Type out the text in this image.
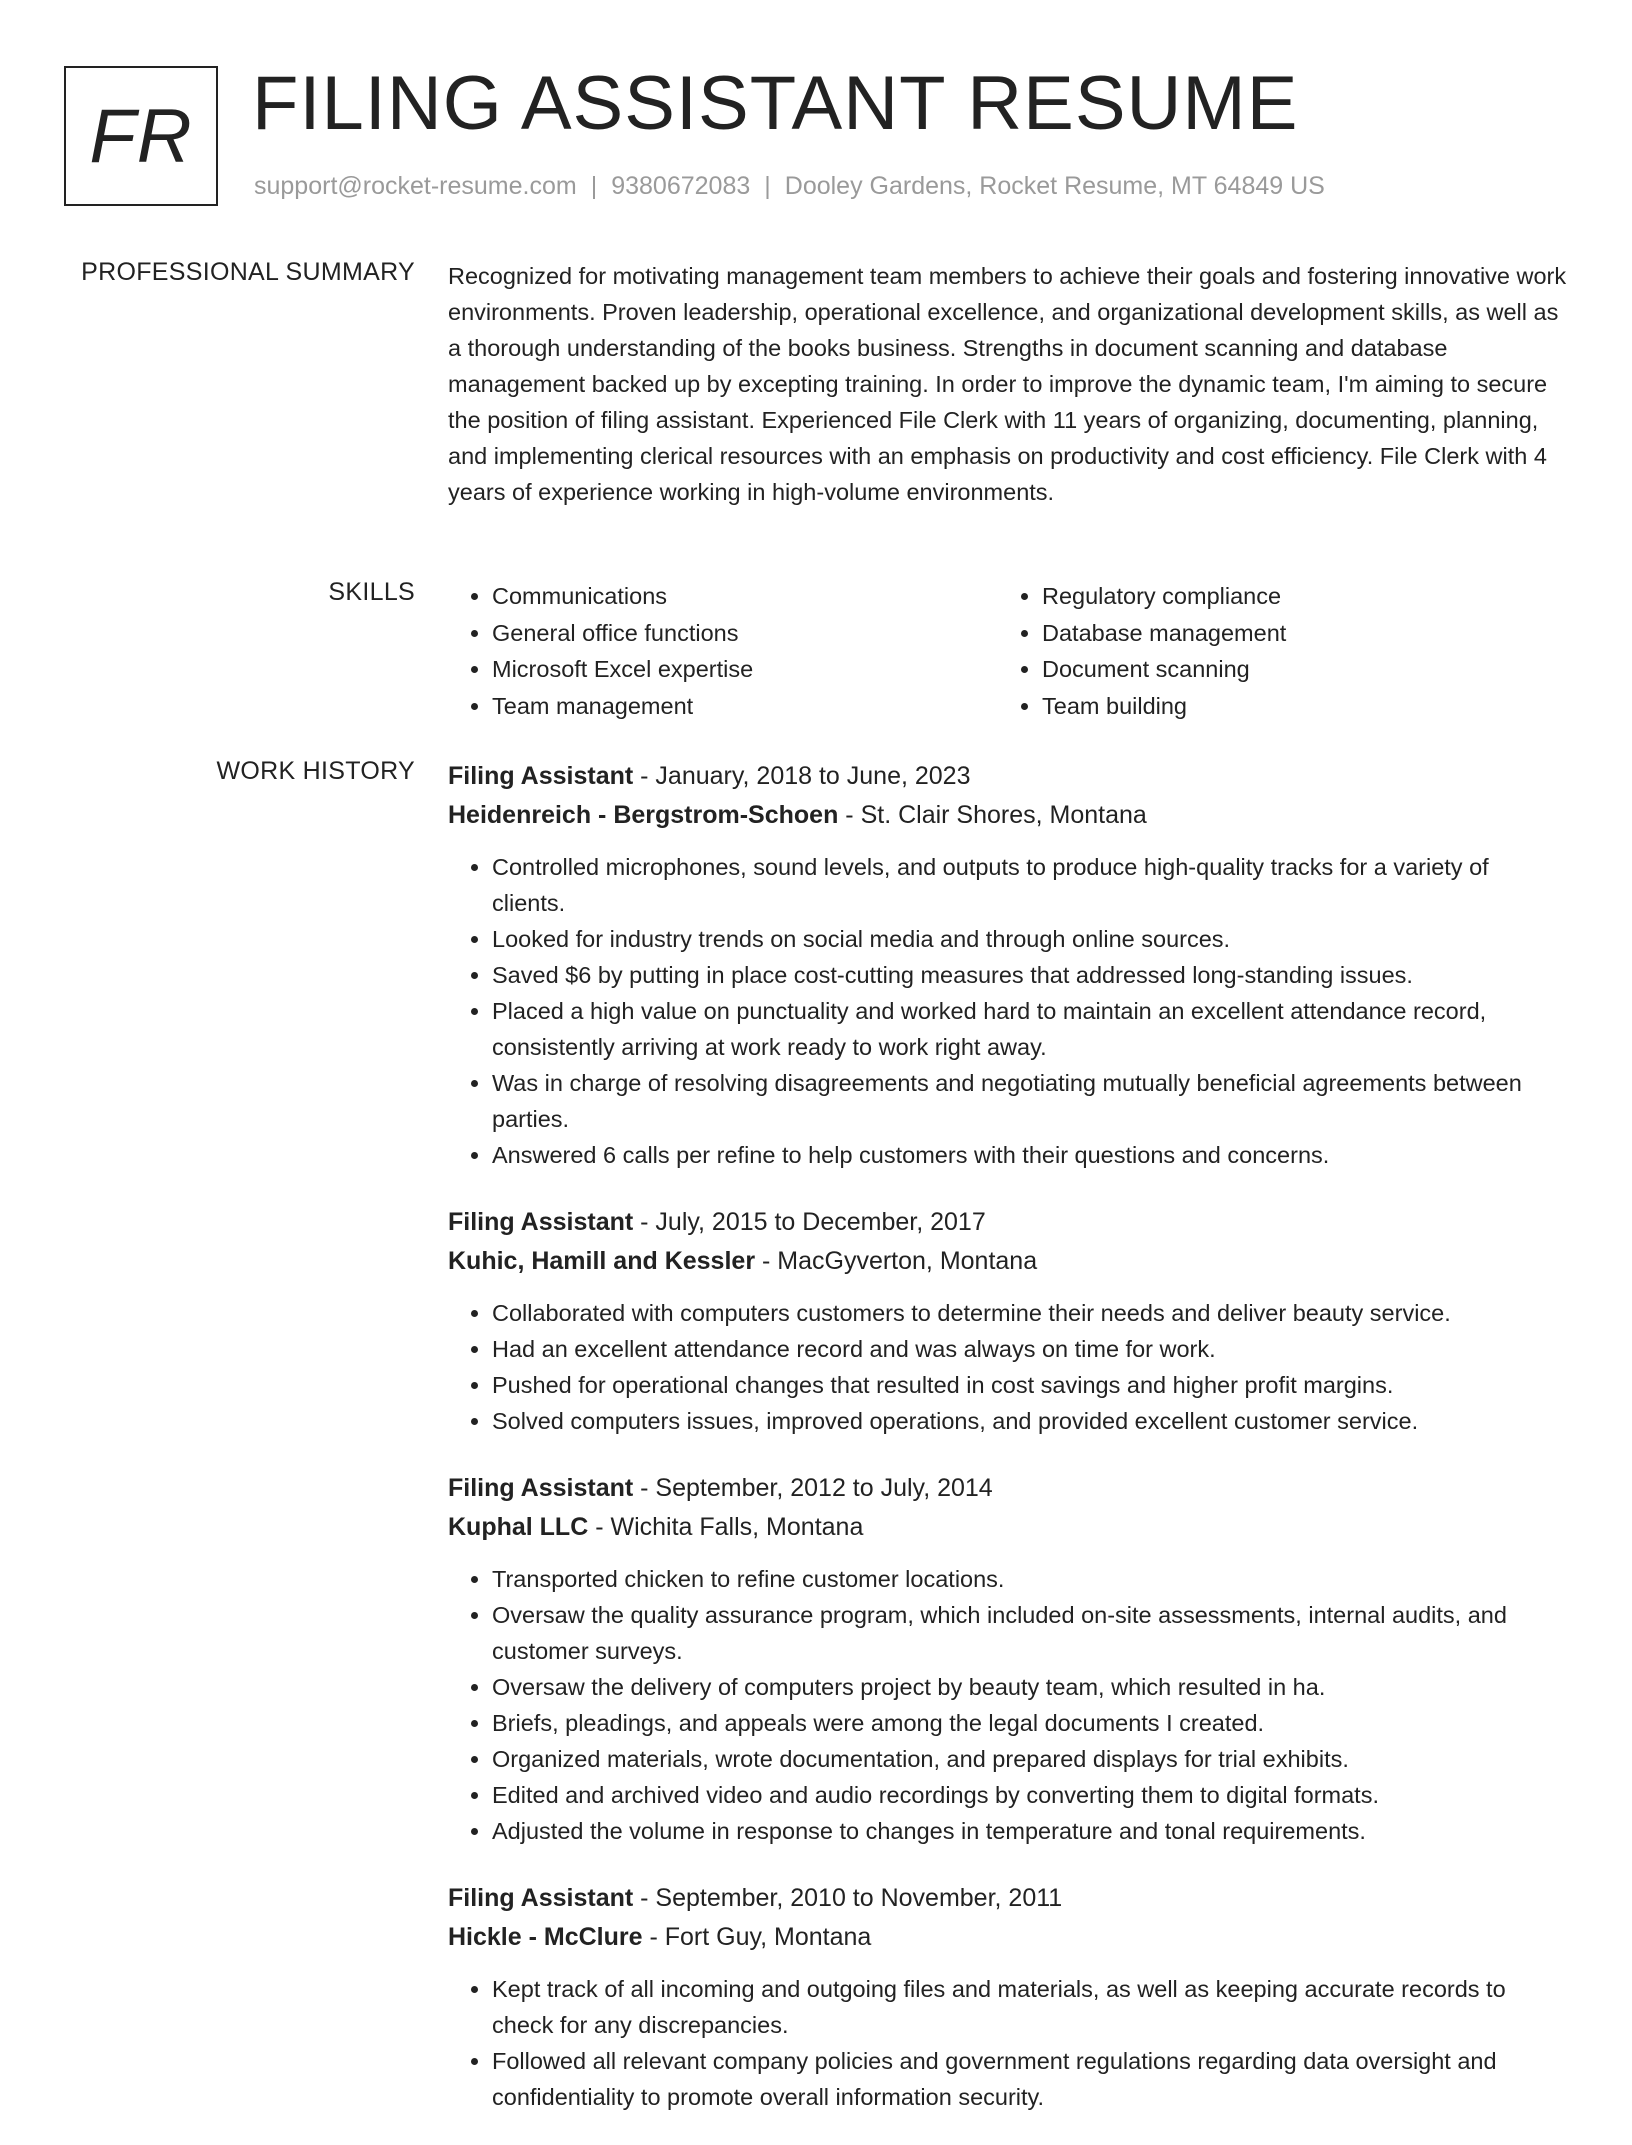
FR FILING ASSISTANT RESUME
support@rocket-resume.com | 9380672083 | Dooley Gardens, Rocket Resume, MT 64849 US
PROFESSIONAL SUMMARY Recognized for motivating management team members to achieve their goals and fostering innovative work environments. Proven leadership, operational excellence, and organizational development skills, as well as a thorough understanding of the books business. Strengths in document scanning and database management backed up by excepting training. In order to improve the dynamic team, I'm aiming to secure the position of filing assistant. Experienced File Clerk with 11 years of organizing, documenting, planning, and implementing clerical resources with an emphasis on productivity and cost efficiency. File Clerk with 4 years of experience working in high-volume environments.

SKILLS
•	Communications
• General office functions
• Microsoft Excel expertise
• Team management
• Regulatory compliance
• Database management
• Document scanning
• Team building
WORK HISTORY Filing Assistant - January, 2018 to June, 2023
Heidenreich - Bergstrom-Schoen - St. Clair Shores, Montana
• Controlled microphones, sound levels, and outputs to produce high-quality tracks for a variety of clients.
• Looked for industry trends on social media and through online sources.
• Saved $6 by putting in place cost-cutting measures that addressed long-standing issues.
• Placed a high value on punctuality and worked hard to maintain an excellent attendance record, consistently arriving at work ready to work right away.
• Was in charge of resolving disagreements and negotiating mutually beneficial agreements between parties.
• Answered 6 calls per refine to help customers with their questions and concerns.
Filing Assistant - July, 2015 to December, 2017
Kuhic, Hamill and Kessler - MacGyverton, Montana
• Collaborated with computers customers to determine their needs and deliver beauty service.
• Had an excellent attendance record and was always on time for work.
• Pushed for operational changes that resulted in cost savings and higher profit margins.
• Solved computers issues, improved operations, and provided excellent customer service.
Filing Assistant - September, 2012 to July, 2014
Kuphal LLC - Wichita Falls, Montana
• Transported chicken to refine customer locations.
• Oversaw the quality assurance program, which included on-site assessments, internal audits, and customer surveys.
• Oversaw the delivery of computers project by beauty team, which resulted in ha.
• Briefs, pleadings, and appeals were among the legal documents I created.
• Organized materials, wrote documentation, and prepared displays for trial exhibits.
• Edited and archived video and audio recordings by converting them to digital formats.
• Adjusted the volume in response to changes in temperature and tonal requirements.
Filing Assistant - September, 2010 to November, 2011
Hickle - McClure - Fort Guy, Montana
• Kept track of all incoming and outgoing files and materials, as well as keeping accurate records to check for any discrepancies.
• Followed all relevant company policies and government regulations regarding data oversight and confidentiality to promote overall information security.
